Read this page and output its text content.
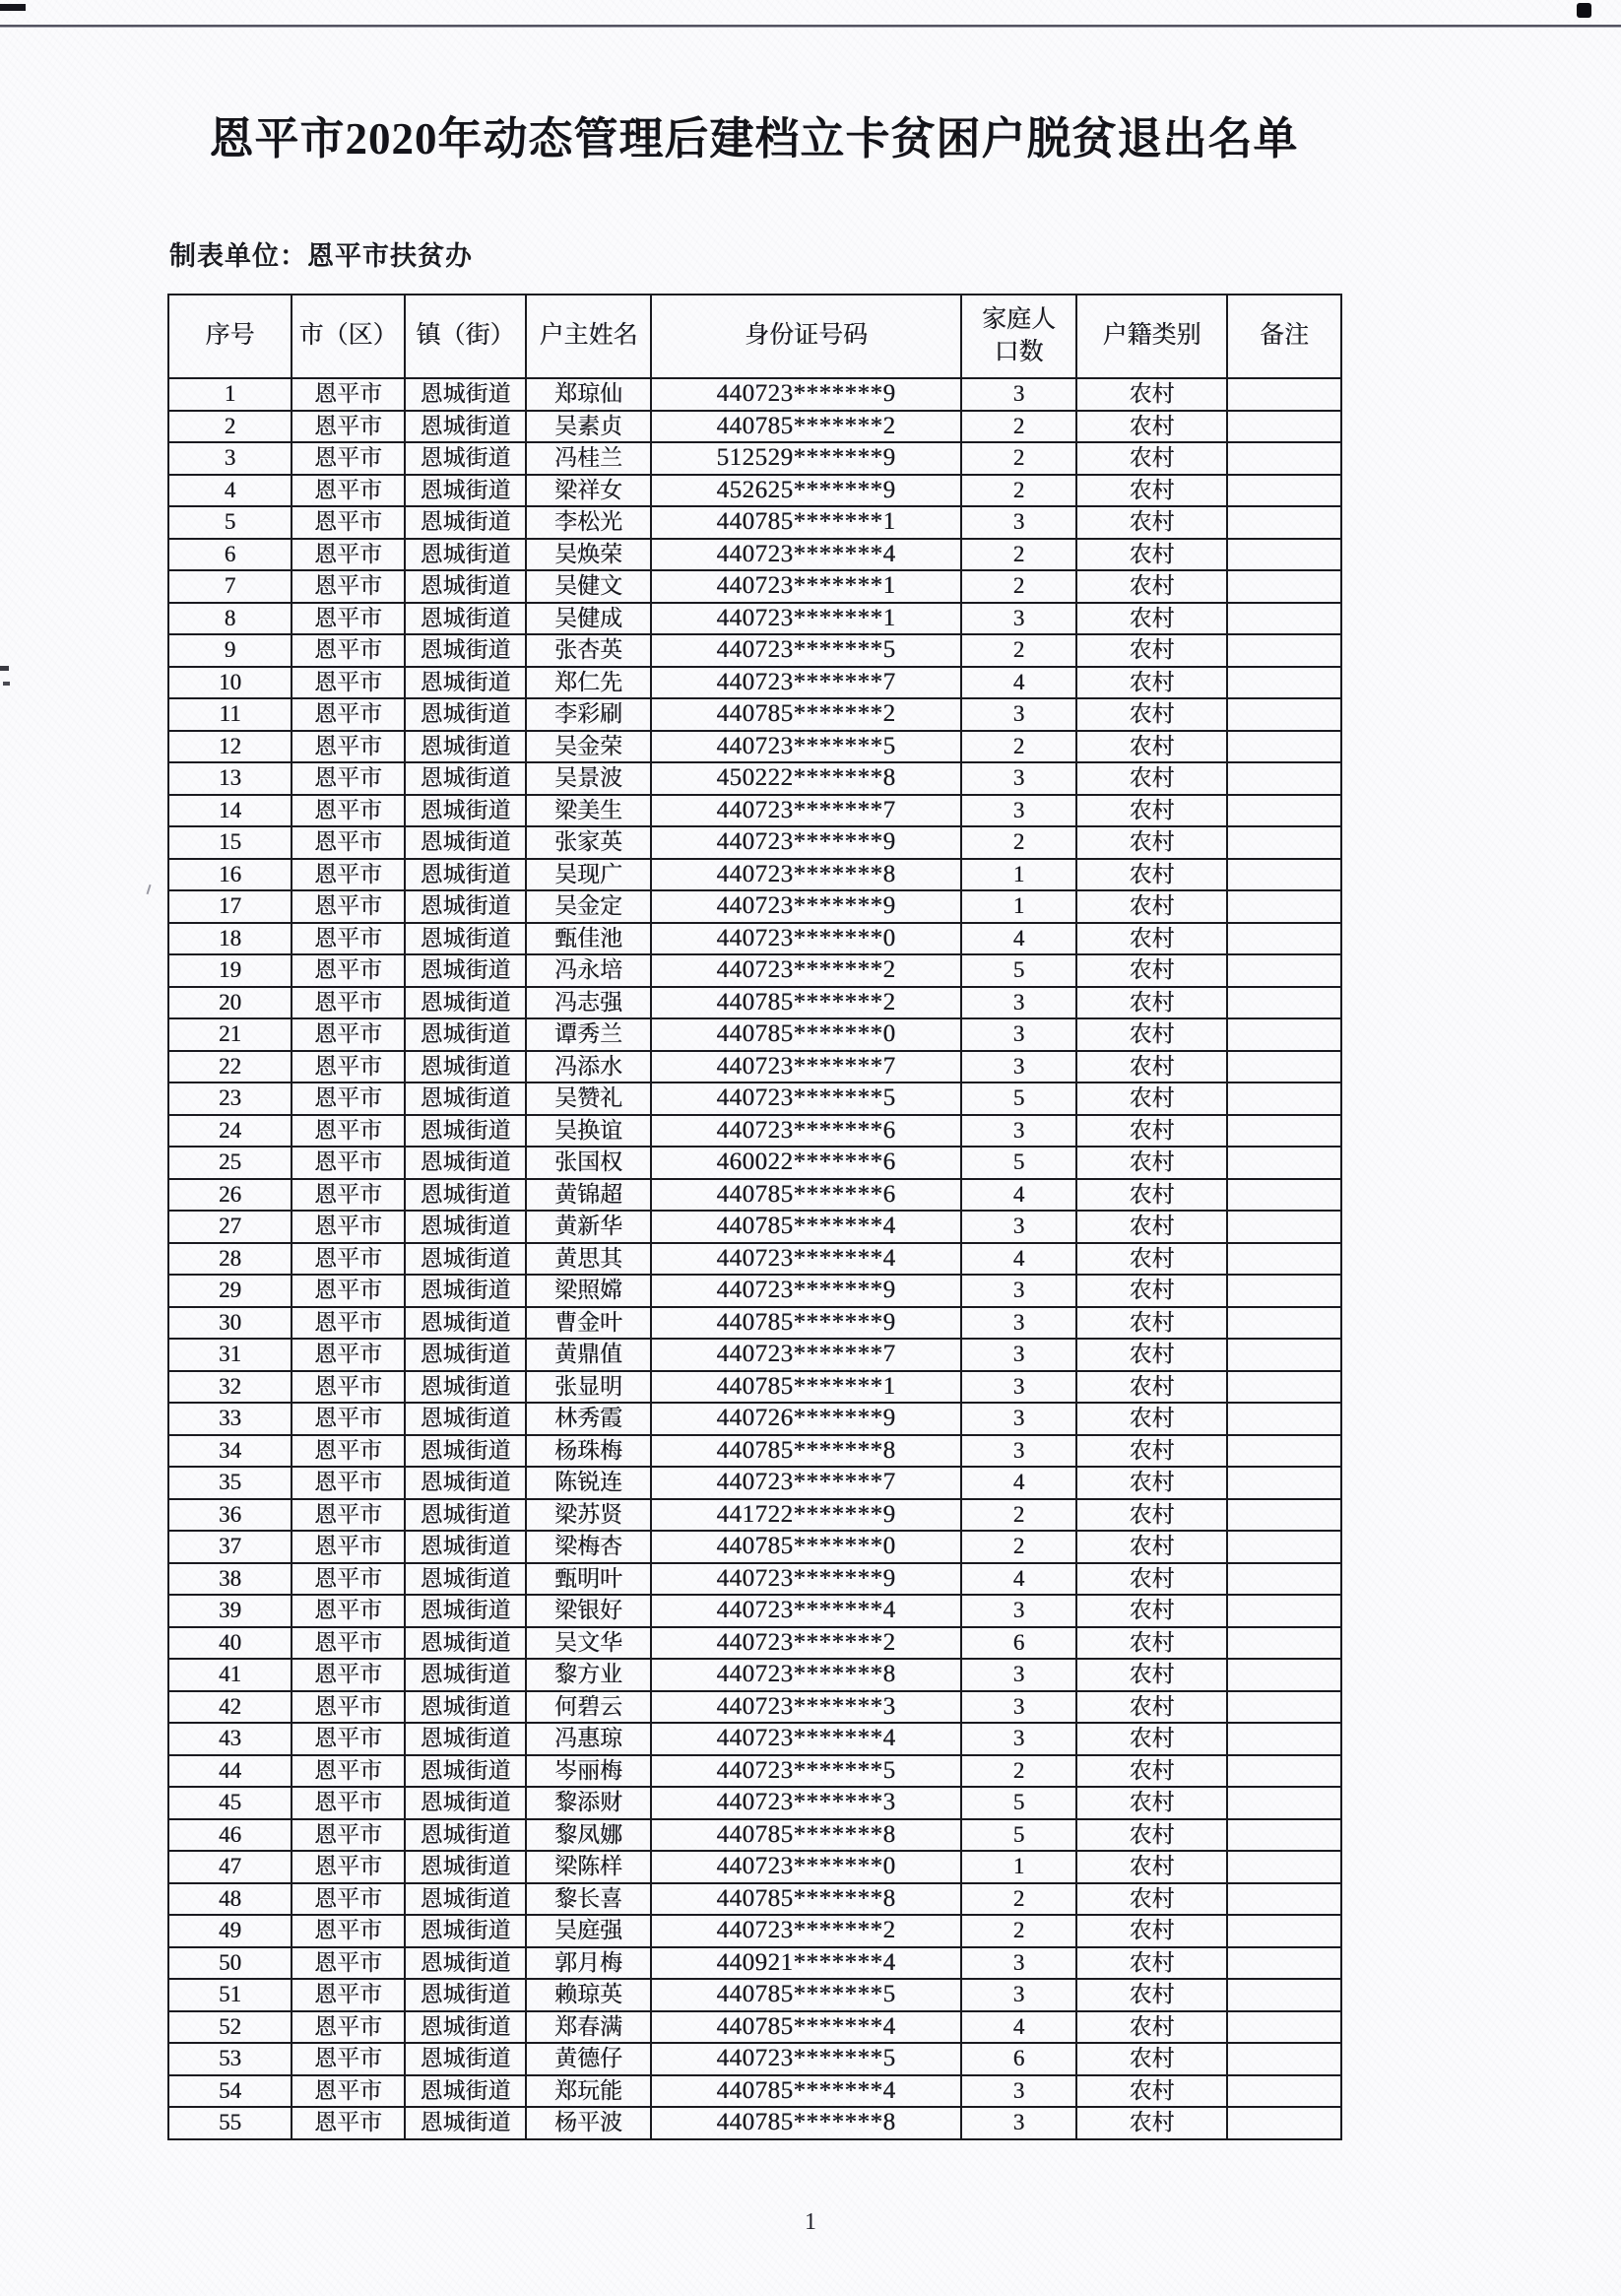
恩平市2020年动态管理后建档立卡贫困户脱贫退出名单
制表单位：恩平市扶贫办
序号	市（区）	镇（街）	户主姓名	身份证号码	家庭人口数	户籍类别	备注
1	恩平市	恩城街道	郑琼仙	440723*******9	3	农村	
2	恩平市	恩城街道	吴素贞	440785*******2	2	农村	
3	恩平市	恩城街道	冯桂兰	512529*******9	2	农村	
4	恩平市	恩城街道	梁祥女	452625*******9	2	农村	
5	恩平市	恩城街道	李松光	440785*******1	3	农村	
6	恩平市	恩城街道	吴焕荣	440723*******4	2	农村	
7	恩平市	恩城街道	吴健文	440723*******1	2	农村	
8	恩平市	恩城街道	吴健成	440723*******1	3	农村	
9	恩平市	恩城街道	张杏英	440723*******5	2	农村	
10	恩平市	恩城街道	郑仁先	440723*******7	4	农村	
11	恩平市	恩城街道	李彩刷	440785*******2	3	农村	
12	恩平市	恩城街道	吴金荣	440723*******5	2	农村	
13	恩平市	恩城街道	吴景波	450222*******8	3	农村	
14	恩平市	恩城街道	梁美生	440723*******7	3	农村	
15	恩平市	恩城街道	张家英	440723*******9	2	农村	
16	恩平市	恩城街道	吴现广	440723*******8	1	农村	
17	恩平市	恩城街道	吴金定	440723*******9	1	农村	
18	恩平市	恩城街道	甄佳池	440723*******0	4	农村	
19	恩平市	恩城街道	冯永培	440723*******2	5	农村	
20	恩平市	恩城街道	冯志强	440785*******2	3	农村	
21	恩平市	恩城街道	谭秀兰	440785*******0	3	农村	
22	恩平市	恩城街道	冯添水	440723*******7	3	农村	
23	恩平市	恩城街道	吴赞礼	440723*******5	5	农村	
24	恩平市	恩城街道	吴换谊	440723*******6	3	农村	
25	恩平市	恩城街道	张国权	460022*******6	5	农村	
26	恩平市	恩城街道	黄锦超	440785*******6	4	农村	
27	恩平市	恩城街道	黄新华	440785*******4	3	农村	
28	恩平市	恩城街道	黄思其	440723*******4	4	农村	
29	恩平市	恩城街道	梁照嫦	440723*******9	3	农村	
30	恩平市	恩城街道	曹金叶	440785*******9	3	农村	
31	恩平市	恩城街道	黄鼎值	440723*******7	3	农村	
32	恩平市	恩城街道	张显明	440785*******1	3	农村	
33	恩平市	恩城街道	林秀霞	440726*******9	3	农村	
34	恩平市	恩城街道	杨珠梅	440785*******8	3	农村	
35	恩平市	恩城街道	陈锐连	440723*******7	4	农村	
36	恩平市	恩城街道	梁苏贤	441722*******9	2	农村	
37	恩平市	恩城街道	梁梅杏	440785*******0	2	农村	
38	恩平市	恩城街道	甄明叶	440723*******9	4	农村	
39	恩平市	恩城街道	梁银好	440723*******4	3	农村	
40	恩平市	恩城街道	吴文华	440723*******2	6	农村	
41	恩平市	恩城街道	黎方业	440723*******8	3	农村	
42	恩平市	恩城街道	何碧云	440723*******3	3	农村	
43	恩平市	恩城街道	冯惠琼	440723*******4	3	农村	
44	恩平市	恩城街道	岑丽梅	440723*******5	2	农村	
45	恩平市	恩城街道	黎添财	440723*******3	5	农村	
46	恩平市	恩城街道	黎凤娜	440785*******8	5	农村	
47	恩平市	恩城街道	梁陈样	440723*******0	1	农村	
48	恩平市	恩城街道	黎长喜	440785*******8	2	农村	
49	恩平市	恩城街道	吴庭强	440723*******2	2	农村	
50	恩平市	恩城街道	郭月梅	440921*******4	3	农村	
51	恩平市	恩城街道	赖琼英	440785*******5	3	农村	
52	恩平市	恩城街道	郑春满	440785*******4	4	农村	
53	恩平市	恩城街道	黄德仔	440723*******5	6	农村	
54	恩平市	恩城街道	郑玩能	440785*******4	3	农村	
55	恩平市	恩城街道	杨平波	440785*******8	3	农村	
1
